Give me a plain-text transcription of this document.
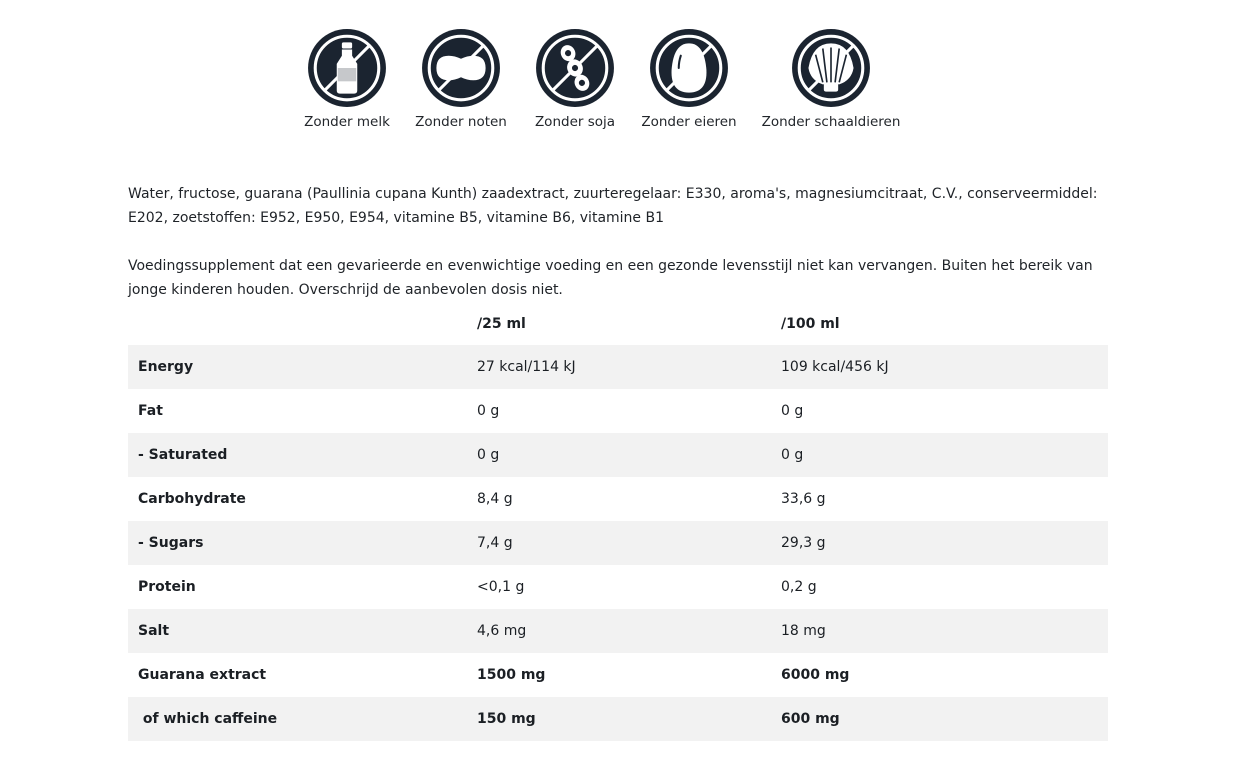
Zonder melk	Zonder noten	Zonder soja	Zonder eieren	Zonder schaaldieren

Water, fructose, guarana (Paullinia cupana Kunth) zaadextract, zuurteregelaar: E330, aroma's, magnesiumcitraat, C.V., conserveermiddel: E202, zoetstoffen: E952, E950, E954, vitamine B5, vitamine B6, vitamine B1

Voedingssupplement dat een gevarieerde en evenwichtige voeding en een gezonde levensstijl niet kan vervangen. Buiten het bereik van jonge kinderen houden. Overschrijd de aanbevolen dosis niet.

	/25 ml	/100 ml
Energy	27 kcal/114 kJ	109 kcal/456 kJ
Fat	0 g	0 g
- Saturated	0 g	0 g
Carbohydrate	8,4 g	33,6 g
- Sugars	7,4 g	29,3 g
Protein	<0,1 g	0,2 g
Salt	4,6 mg	18 mg
Guarana extract	1500 mg	6000 mg
of which caffeine	150 mg	600 mg
